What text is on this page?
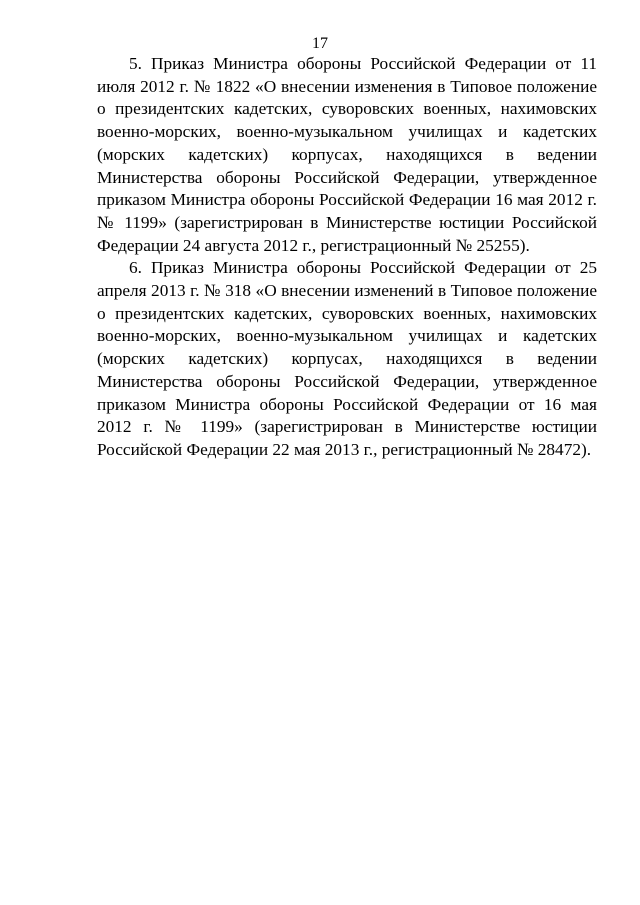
17

5. Приказ Министра обороны Российской Федерации от 11 июля 2012 г. № 1822 «О внесении изменения в Типовое положение о президентских кадетских, суворовских военных, нахимовских военно-морских, военно-музыкальном училищах и кадетских (морских кадетских) корпусах, находящихся в ведении Министерства обороны Российской Федерации, утвержденное приказом Министра обороны Российской Федерации 16 мая 2012 г. № 1199» (зарегистрирован в Министерстве юстиции Российской Федерации 24 августа 2012 г., регистрационный № 25255).

6. Приказ Министра обороны Российской Федерации от 25 апреля 2013 г. № 318 «О внесении изменений в Типовое положение о президентских кадетских, суворовских военных, нахимовских военно-морских, военно-музыкальном училищах и кадетских (морских кадетских) корпусах, находящихся в ведении Министерства обороны Российской Федерации, утвержденное приказом Министра обороны Российской Федерации от 16 мая 2012 г. № 1199» (зарегистрирован в Министерстве юстиции Российской Федерации 22 мая 2013 г., регистрационный № 28472).
